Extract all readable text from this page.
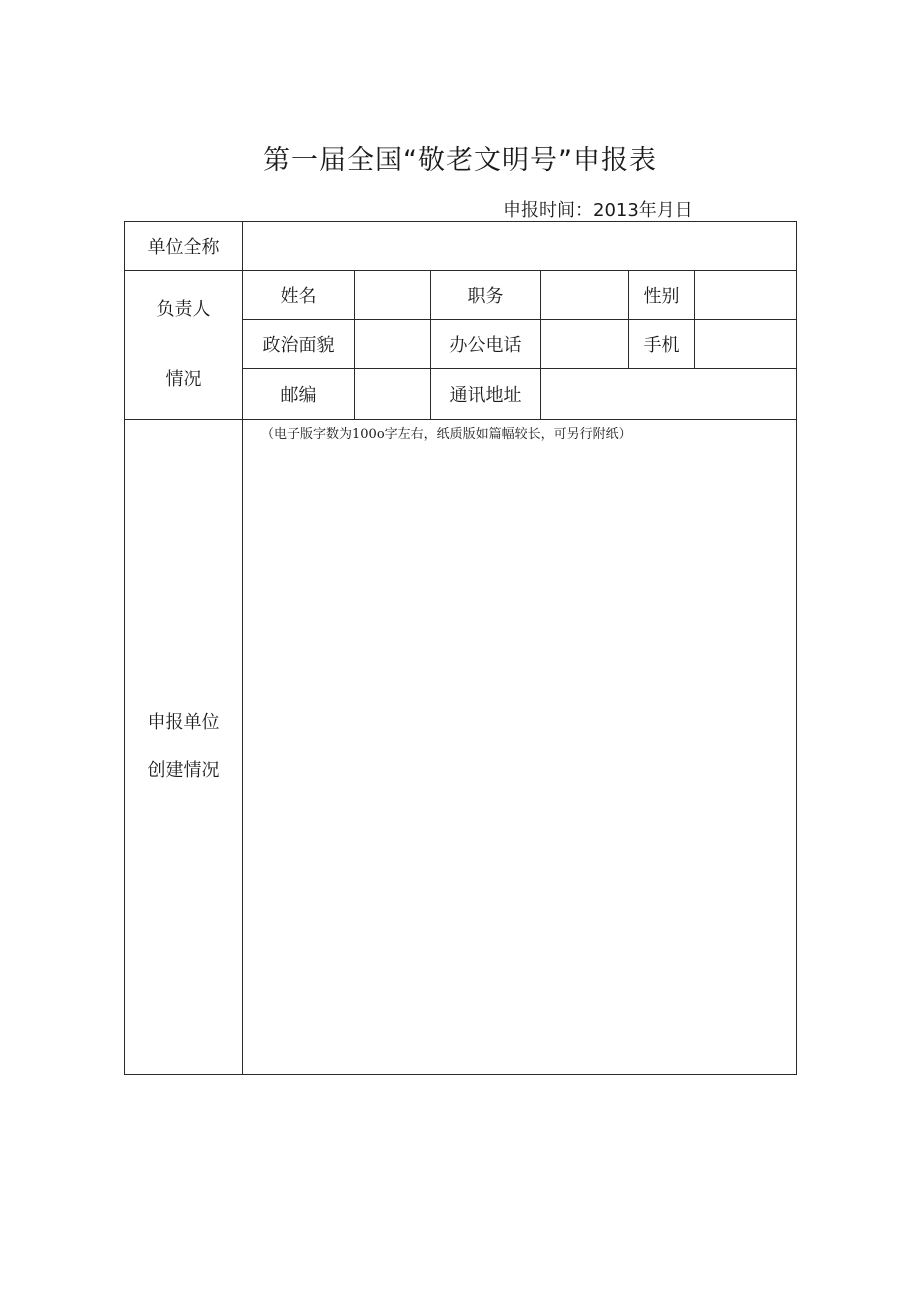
第一届全国“敬老文明号”申报表
申报时间：2013年月日
单位全称						

负责人
情况	姓名		职务		性别	
	政治面貌		办公电话		手机	
	邮编		通讯地址			

申报单位
创建情况	（电子版字数为100o字左右，纸质版如篇幅较长，可另行附纸）					
